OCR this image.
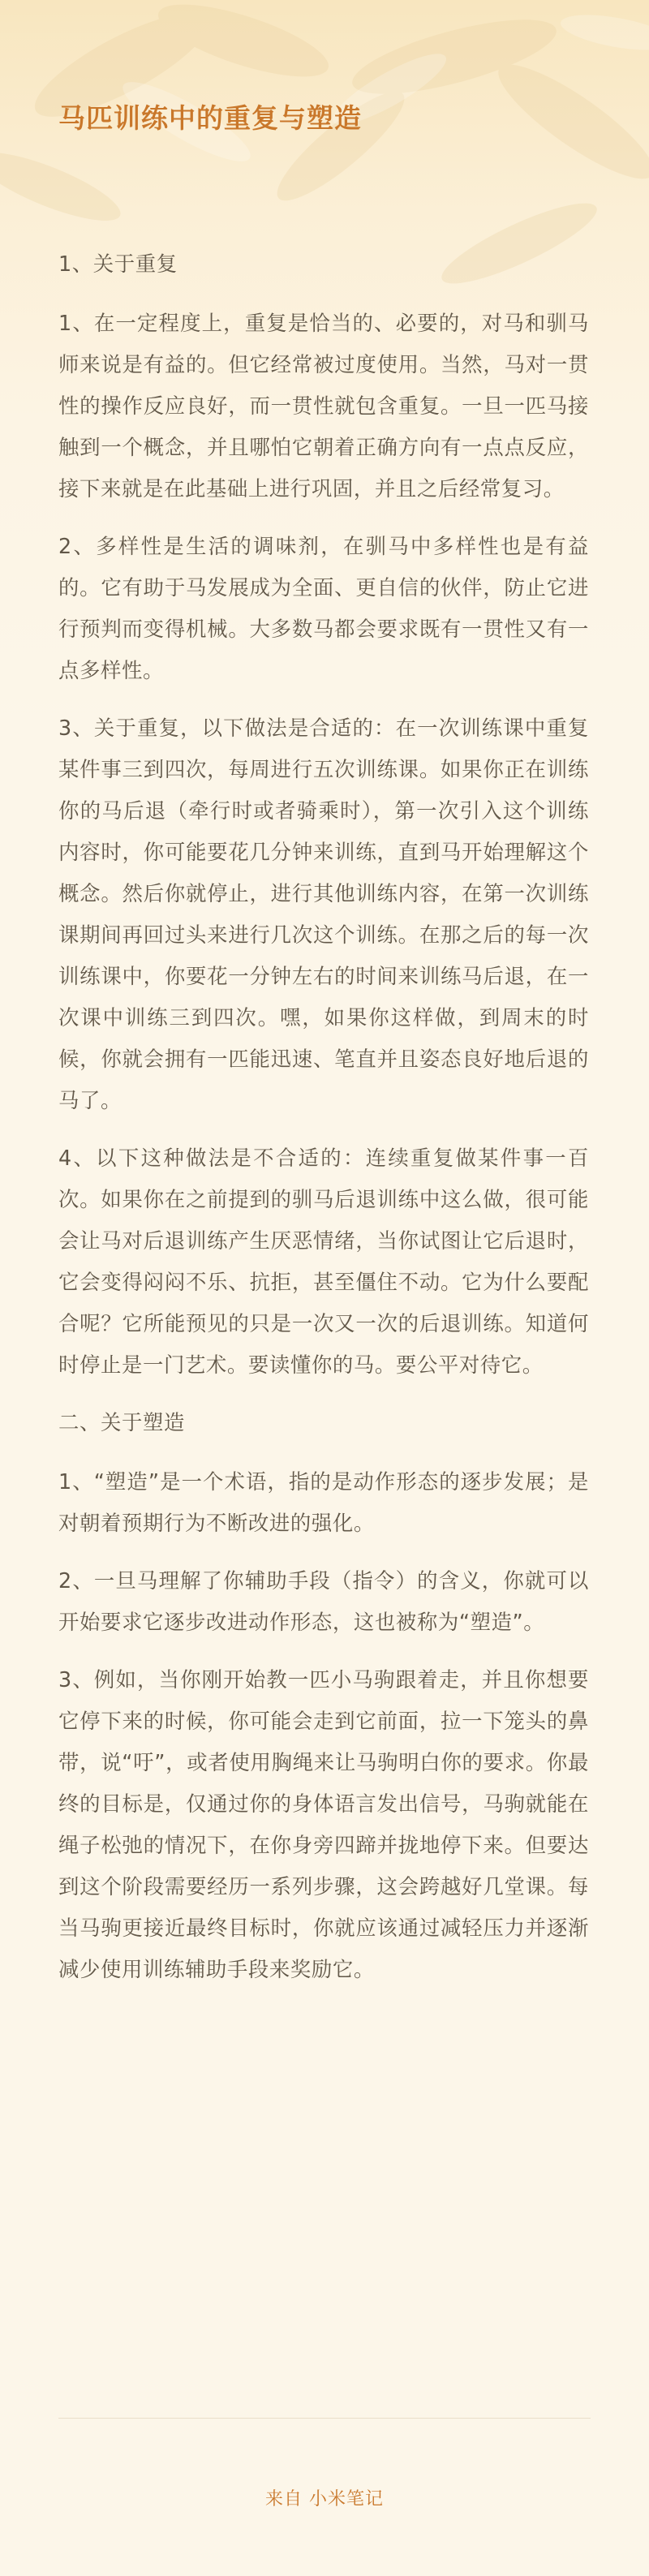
马匹训练中的重复与塑造

1、关于重复

1、在一定程度上，重复是恰当的、必要的，对马和驯马师来说是有益的。但它经常被过度使用。当然，马对一贯性的操作反应良好，而一贯性就包含重复。一旦一匹马接触到一个概念，并且哪怕它朝着正确方向有一点点反应，接下来就是在此基础上进行巩固，并且之后经常复习。

2、多样性是生活的调味剂，在驯马中多样性也是有益的。它有助于马发展成为全面、更自信的伙伴，防止它进行预判而变得机械。大多数马都会要求既有一贯性又有一点多样性。

3、关于重复，以下做法是合适的：在一次训练课中重复某件事三到四次，每周进行五次训练课。如果你正在训练你的马后退（牵行时或者骑乘时），第一次引入这个训练内容时，你可能要花几分钟来训练，直到马开始理解这个概念。然后你就停止，进行其他训练内容，在第一次训练课期间再回过头来进行几次这个训练。在那之后的每一次训练课中，你要花一分钟左右的时间来训练马后退，在一次课中训练三到四次。嘿，如果你这样做，到周末的时候，你就会拥有一匹能迅速、笔直并且姿态良好地后退的马了。

4、以下这种做法是不合适的：连续重复做某件事一百次。如果你在之前提到的驯马后退训练中这么做，很可能会让马对后退训练产生厌恶情绪，当你试图让它后退时，它会变得闷闷不乐、抗拒，甚至僵住不动。它为什么要配合呢？它所能预见的只是一次又一次的后退训练。知道何时停止是一门艺术。要读懂你的马。要公平对待它。

二、关于塑造

1、“塑造”是一个术语，指的是动作形态的逐步发展；是对朝着预期行为不断改进的强化。

2、一旦马理解了你辅助手段（指令）的含义，你就可以开始要求它逐步改进动作形态，这也被称为“塑造”。

3、例如，当你刚开始教一匹小马驹跟着走，并且你想要它停下来的时候，你可能会走到它前面，拉一下笼头的鼻带，说“吁”，或者使用胸绳来让马驹明白你的要求。你最终的目标是，仅通过你的身体语言发出信号，马驹就能在绳子松弛的情况下，在你身旁四蹄并拢地停下来。但要达到这个阶段需要经历一系列步骤，这会跨越好几堂课。每当马驹更接近最终目标时，你就应该通过减轻压力并逐渐减少使用训练辅助手段来奖励它。

来自 小米笔记
